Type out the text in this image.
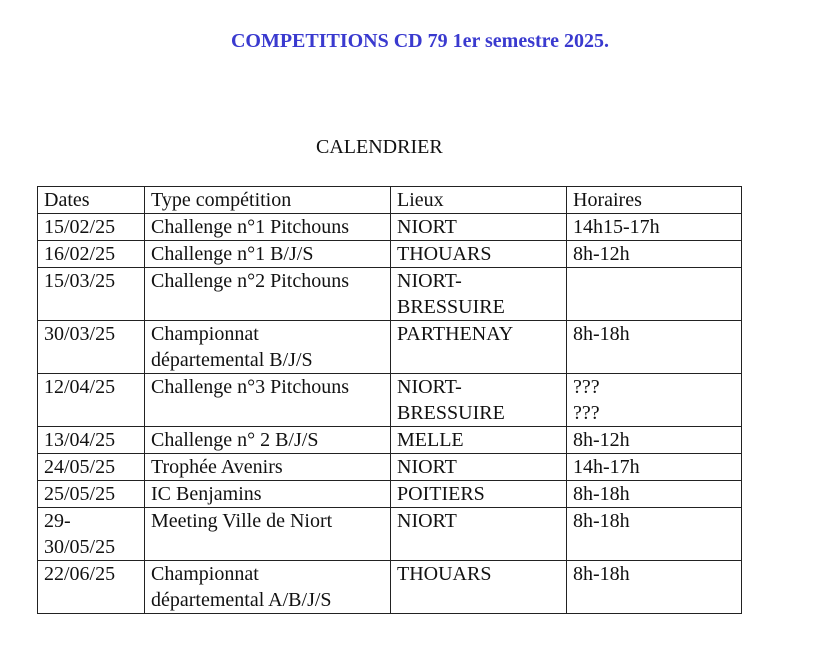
COMPETITIONS CD 79 1er semestre 2025.
CALENDRIER
Dates	Type compétition	Lieux	Horaires
15/02/25	Challenge n°1 Pitchouns	NIORT	14h15-17h
16/02/25	Challenge n°1 B/J/S	THOUARS	8h-12h
15/03/25	Challenge n°2 Pitchouns	NIORT-
BRESSUIRE	
30/03/25	Championnat
départemental B/J/S	PARTHENAY	8h-18h
12/04/25	Challenge n°3 Pitchouns	NIORT-
BRESSUIRE	???
???
13/04/25	Challenge n° 2 B/J/S	MELLE	8h-12h
24/05/25	Trophée Avenirs	NIORT	14h-17h
25/05/25	IC Benjamins	POITIERS	8h-18h
29-
30/05/25	Meeting Ville de Niort	NIORT	8h-18h
22/06/25	Championnat
départemental A/B/J/S	THOUARS	8h-18h
